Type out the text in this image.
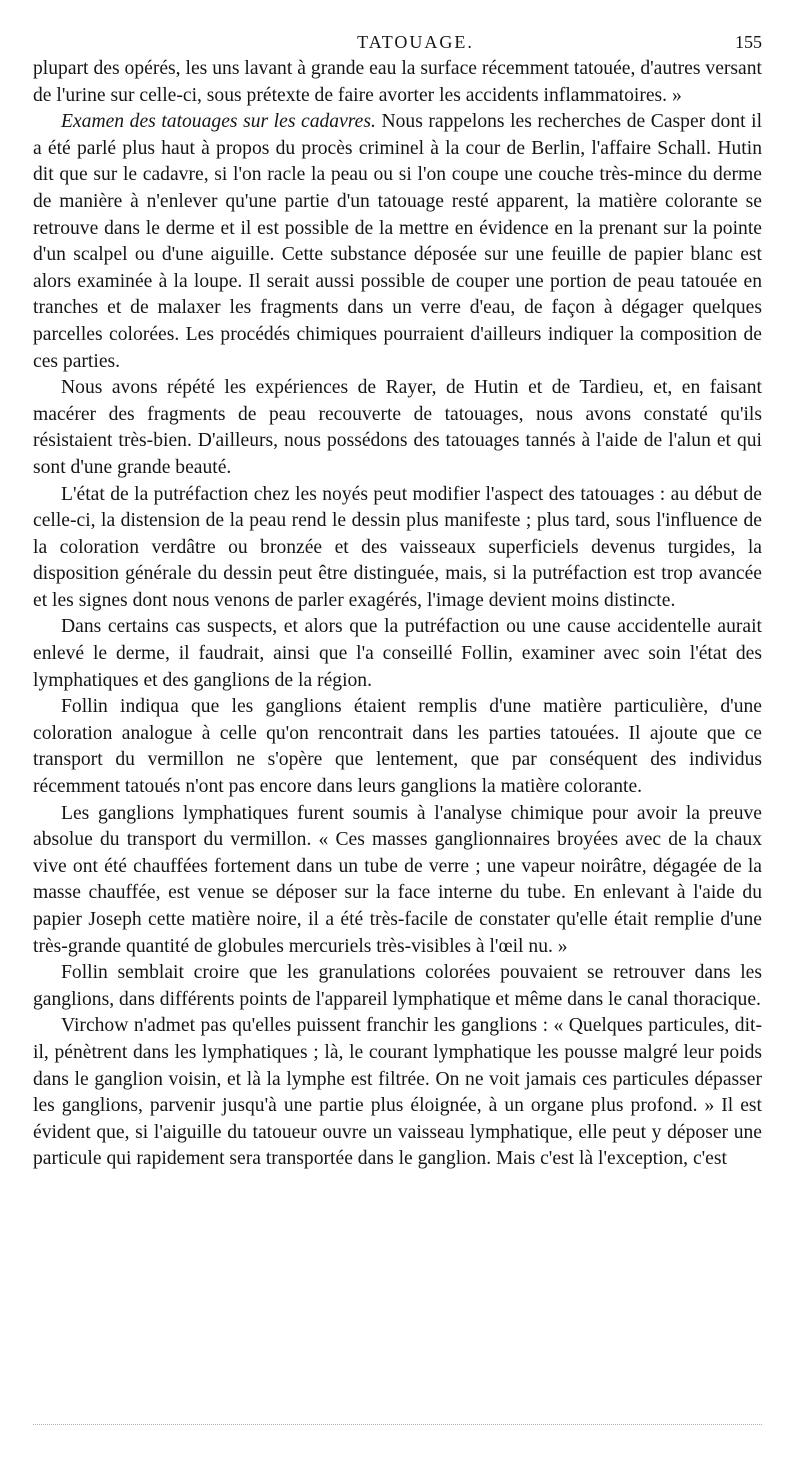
TATOUAGE.	155

plupart des opérés, les uns lavant à grande eau la surface récemment tatouée, d'autres versant de l'urine sur celle-ci, sous prétexte de faire avorter les accidents inflammatoires. »

Examen des tatouages sur les cadavres. Nous rappelons les recherches de Casper dont il a été parlé plus haut à propos du procès criminel à la cour de Berlin, l'affaire Schall. Hutin dit que sur le cadavre, si l'on racle la peau ou si l'on coupe une couche très-mince du derme de manière à n'enlever qu'une partie d'un tatouage resté apparent, la matière colorante se retrouve dans le derme et il est possible de la mettre en évidence en la prenant sur la pointe d'un scalpel ou d'une aiguille. Cette substance déposée sur une feuille de papier blanc est alors examinée à la loupe. Il serait aussi possible de couper une portion de peau tatouée en tranches et de malaxer les fragments dans un verre d'eau, de façon à dégager quelques parcelles colorées. Les procédés chimiques pourraient d'ailleurs indiquer la composition de ces parties.

Nous avons répété les expériences de Rayer, de Hutin et de Tardieu, et, en faisant macérer des fragments de peau recouverte de tatouages, nous avons constaté qu'ils résistaient très-bien. D'ailleurs, nous possédons des tatouages tannés à l'aide de l'alun et qui sont d'une grande beauté.

L'état de la putréfaction chez les noyés peut modifier l'aspect des tatouages : au début de celle-ci, la distension de la peau rend le dessin plus manifeste ; plus tard, sous l'influence de la coloration verdâtre ou bronzée et des vaisseaux superficiels devenus turgides, la disposition générale du dessin peut être distinguée, mais, si la putréfaction est trop avancée et les signes dont nous venons de parler exagérés, l'image devient moins distincte.

Dans certains cas suspects, et alors que la putréfaction ou une cause accidentelle aurait enlevé le derme, il faudrait, ainsi que l'a conseillé Follin, examiner avec soin l'état des lymphatiques et des ganglions de la région.

Follin indiqua que les ganglions étaient remplis d'une matière particulière, d'une coloration analogue à celle qu'on rencontrait dans les parties tatouées. Il ajoute que ce transport du vermillon ne s'opère que lentement, que par conséquent des individus récemment tatoués n'ont pas encore dans leurs ganglions la matière colorante.

Les ganglions lymphatiques furent soumis à l'analyse chimique pour avoir la preuve absolue du transport du vermillon. « Ces masses ganglionnaires broyées avec de la chaux vive ont été chauffées fortement dans un tube de verre ; une vapeur noirâtre, dégagée de la masse chauffée, est venue se déposer sur la face interne du tube. En enlevant à l'aide du papier Joseph cette matière noire, il a été très-facile de constater qu'elle était remplie d'une très-grande quantité de globules mercuriels très-visibles à l'œil nu. »

Follin semblait croire que les granulations colorées pouvaient se retrouver dans les ganglions, dans différents points de l'appareil lymphatique et même dans le canal thoracique.

Virchow n'admet pas qu'elles puissent franchir les ganglions : « Quelques particules, dit-il, pénètrent dans les lymphatiques ; là, le courant lymphatique les pousse malgré leur poids dans le ganglion voisin, et là la lymphe est filtrée. On ne voit jamais ces particules dépasser les ganglions, parvenir jusqu'à une partie plus éloignée, à un organe plus profond. » Il est évident que, si l'aiguille du tatoueur ouvre un vaisseau lymphatique, elle peut y déposer une particule qui rapidement sera transportée dans le ganglion. Mais c'est là l'exception, c'est
